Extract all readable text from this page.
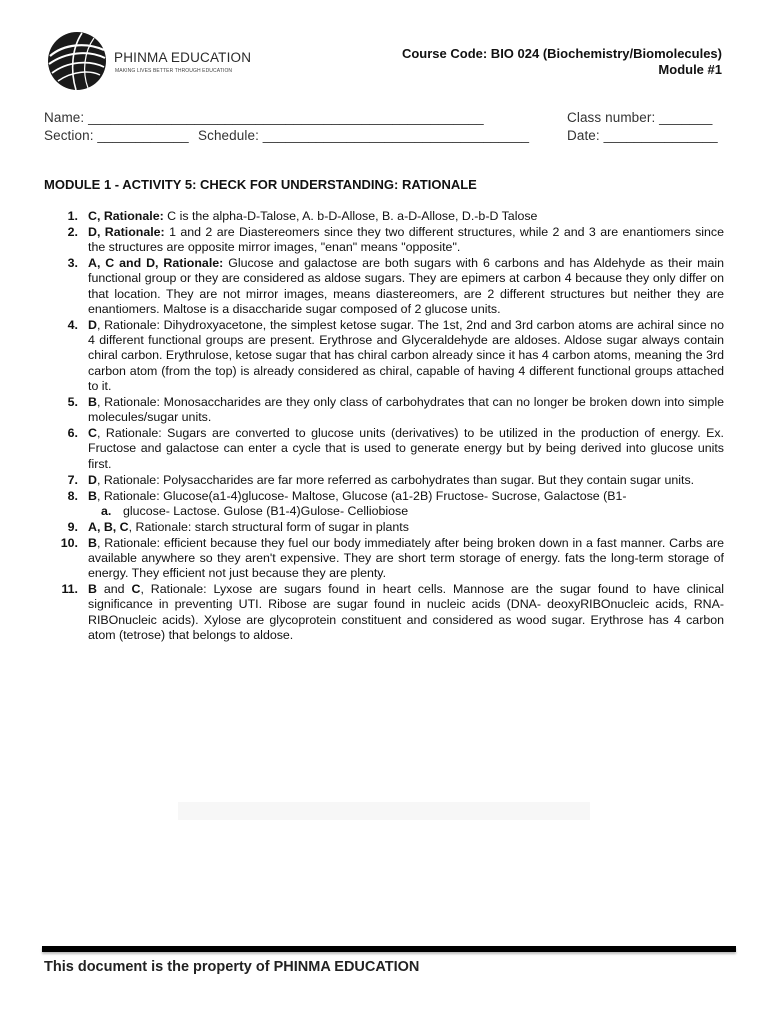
PHINMA EDUCATION
MAKING LIVES BETTER THROUGH EDUCATION
Course Code: BIO 024 (Biochemistry/Biomolecules)
Module #1
Name: ____________________________________________________
Section: ____________ Schedule: ___________________________________
Class number: _______
Date: _______________
MODULE 1 - ACTIVITY 5: CHECK FOR UNDERSTANDING: RATIONALE
1. C, Rationale: C is the alpha-D-Talose, A. b-D-Allose, B. a-D-Allose, D.-b-D Talose
2. D, Rationale: 1 and 2 are Diastereomers since they two different structures, while 2 and 3 are enantiomers since the structures are opposite mirror images, "enan" means "opposite".
3. A, C and D, Rationale: Glucose and galactose are both sugars with 6 carbons and has Aldehyde as their main functional group or they are considered as aldose sugars. They are epimers at carbon 4 because they only differ on that location. They are not mirror images, means diastereomers, are 2 different structures but neither they are enantiomers. Maltose is a disaccharide sugar composed of 2 glucose units.
4. D, Rationale: Dihydroxyacetone, the simplest ketose sugar. The 1st, 2nd and 3rd carbon atoms are achiral since no 4 different functional groups are present. Erythrose and Glyceraldehyde are aldoses. Aldose sugar always contain chiral carbon. Erythrulose, ketose sugar that has chiral carbon already since it has 4 carbon atoms, meaning the 3rd carbon atom (from the top) is already considered as chiral, capable of having 4 different functional groups attached to it.
5. B, Rationale: Monosaccharides are they only class of carbohydrates that can no longer be broken down into simple molecules/sugar units.
6. C, Rationale: Sugars are converted to glucose units (derivatives) to be utilized in the production of energy. Ex. Fructose and galactose can enter a cycle that is used to generate energy but by being derived into glucose units first.
7. D, Rationale: Polysaccharides are far more referred as carbohydrates than sugar. But they contain sugar units.
8. B, Rationale: Glucose(a1-4)glucose- Maltose, Glucose (a1-2B) Fructose- Sucrose, Galactose (B1-
a. glucose- Lactose. Gulose (B1-4)Gulose- Celliobiose
9. A, B, C, Rationale: starch structural form of sugar in plants
10. B, Rationale: efficient because they fuel our body immediately after being broken down in a fast manner. Carbs are available anywhere so they aren't expensive. They are short term storage of energy. fats the long-term storage of energy. They efficient not just because they are plenty.
11. B and C, Rationale: Lyxose are sugars found in heart cells. Mannose are the sugar found to have clinical significance in preventing UTI. Ribose are sugar found in nucleic acids (DNA- deoxyRIBOnucleic acids, RNA- RIBOnucleic acids). Xylose are glycoprotein constituent and considered as wood sugar. Erythrose has 4 carbon atom (tetrose) that belongs to aldose.
This document is the property of PHINMA EDUCATION
